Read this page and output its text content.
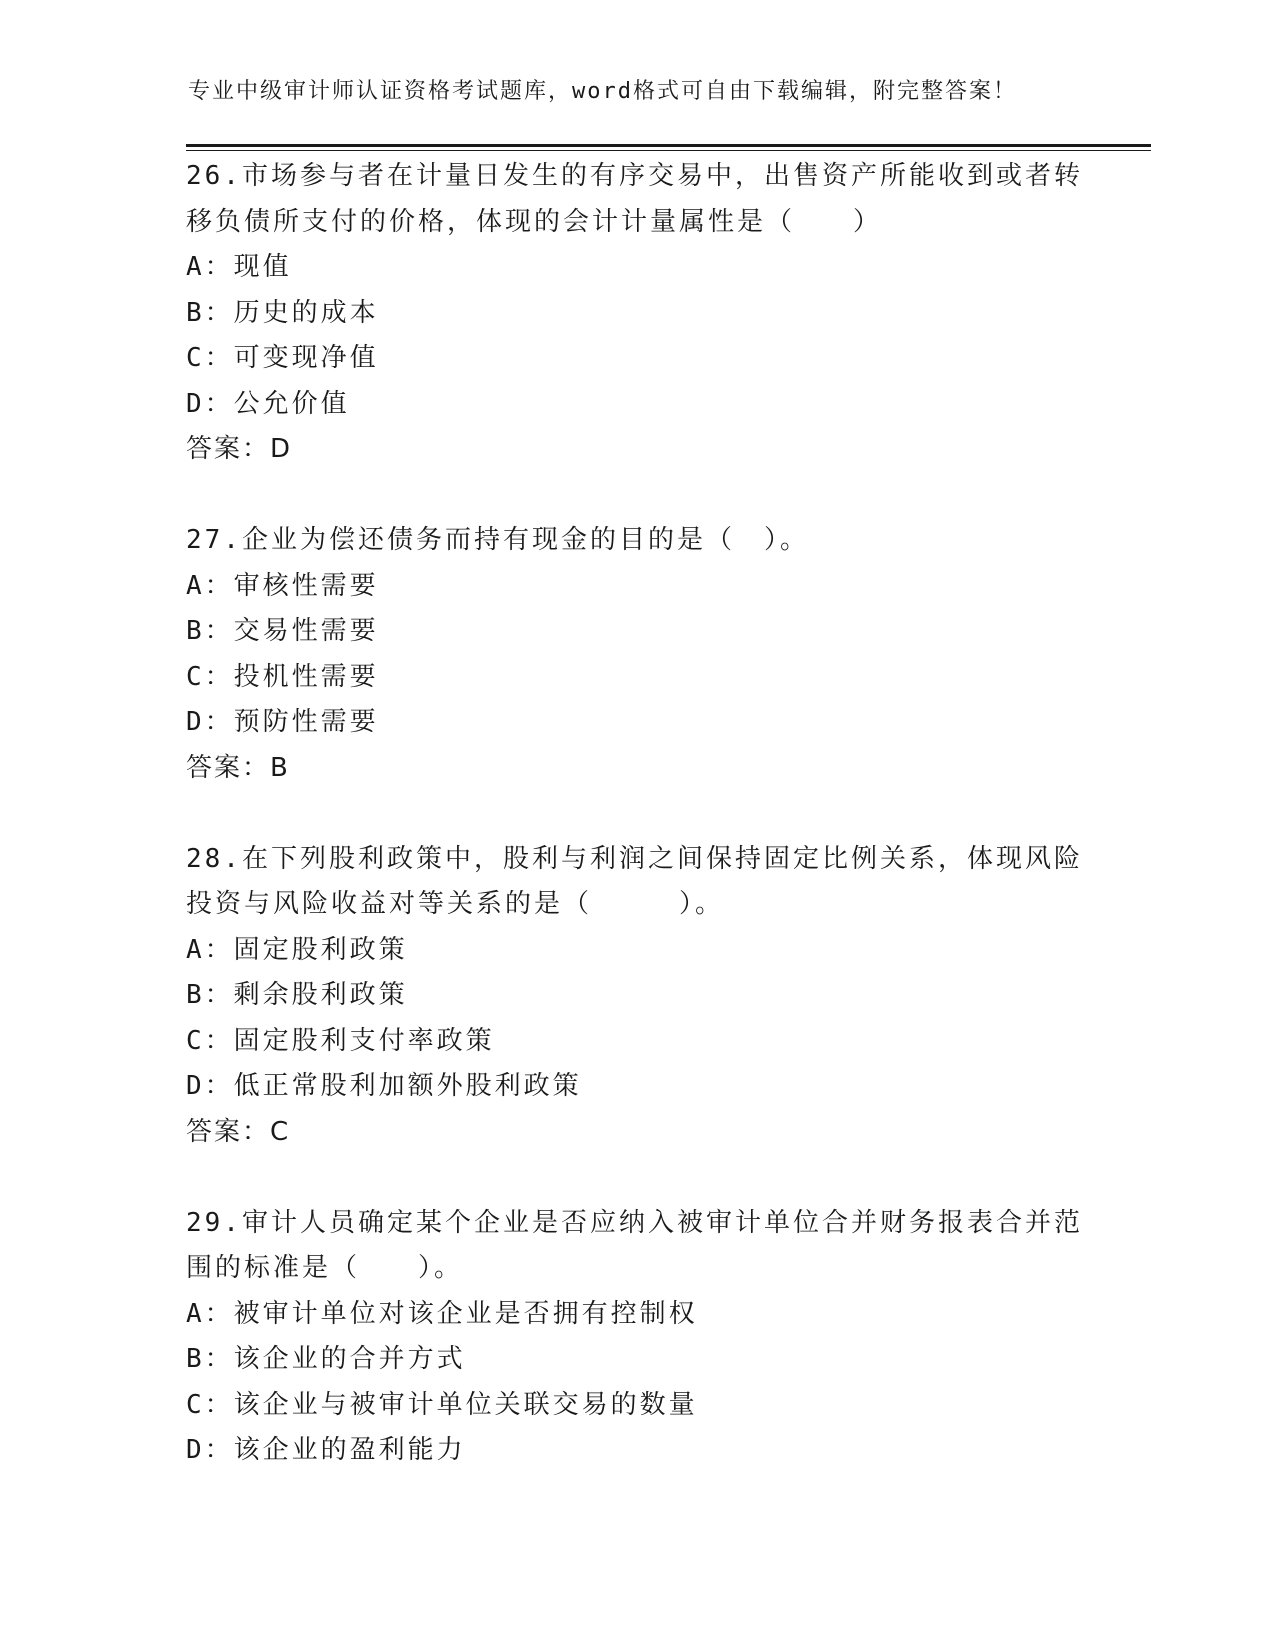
专业中级审计师认证资格考试题库，word格式可自由下载编辑，附完整答案！
26.市场参与者在计量日发生的有序交易中，出售资产所能收到或者转
移负债所支付的价格，体现的会计计量属性是（　　）
A：现值
B：历史的成本
C：可变现净值
D：公允价值
答案：D
27.企业为偿还债务而持有现金的目的是（　）。
A：审核性需要
B：交易性需要
C：投机性需要
D：预防性需要
答案：B
28.在下列股利政策中，股利与利润之间保持固定比例关系，体现风险
投资与风险收益对等关系的是（　　　）。
A：固定股利政策
B：剩余股利政策
C：固定股利支付率政策
D：低正常股利加额外股利政策
答案：C
29.审计人员确定某个企业是否应纳入被审计单位合并财务报表合并范
围的标准是（　　）。
A：被审计单位对该企业是否拥有控制权
B：该企业的合并方式
C：该企业与被审计单位关联交易的数量
D：该企业的盈利能力
